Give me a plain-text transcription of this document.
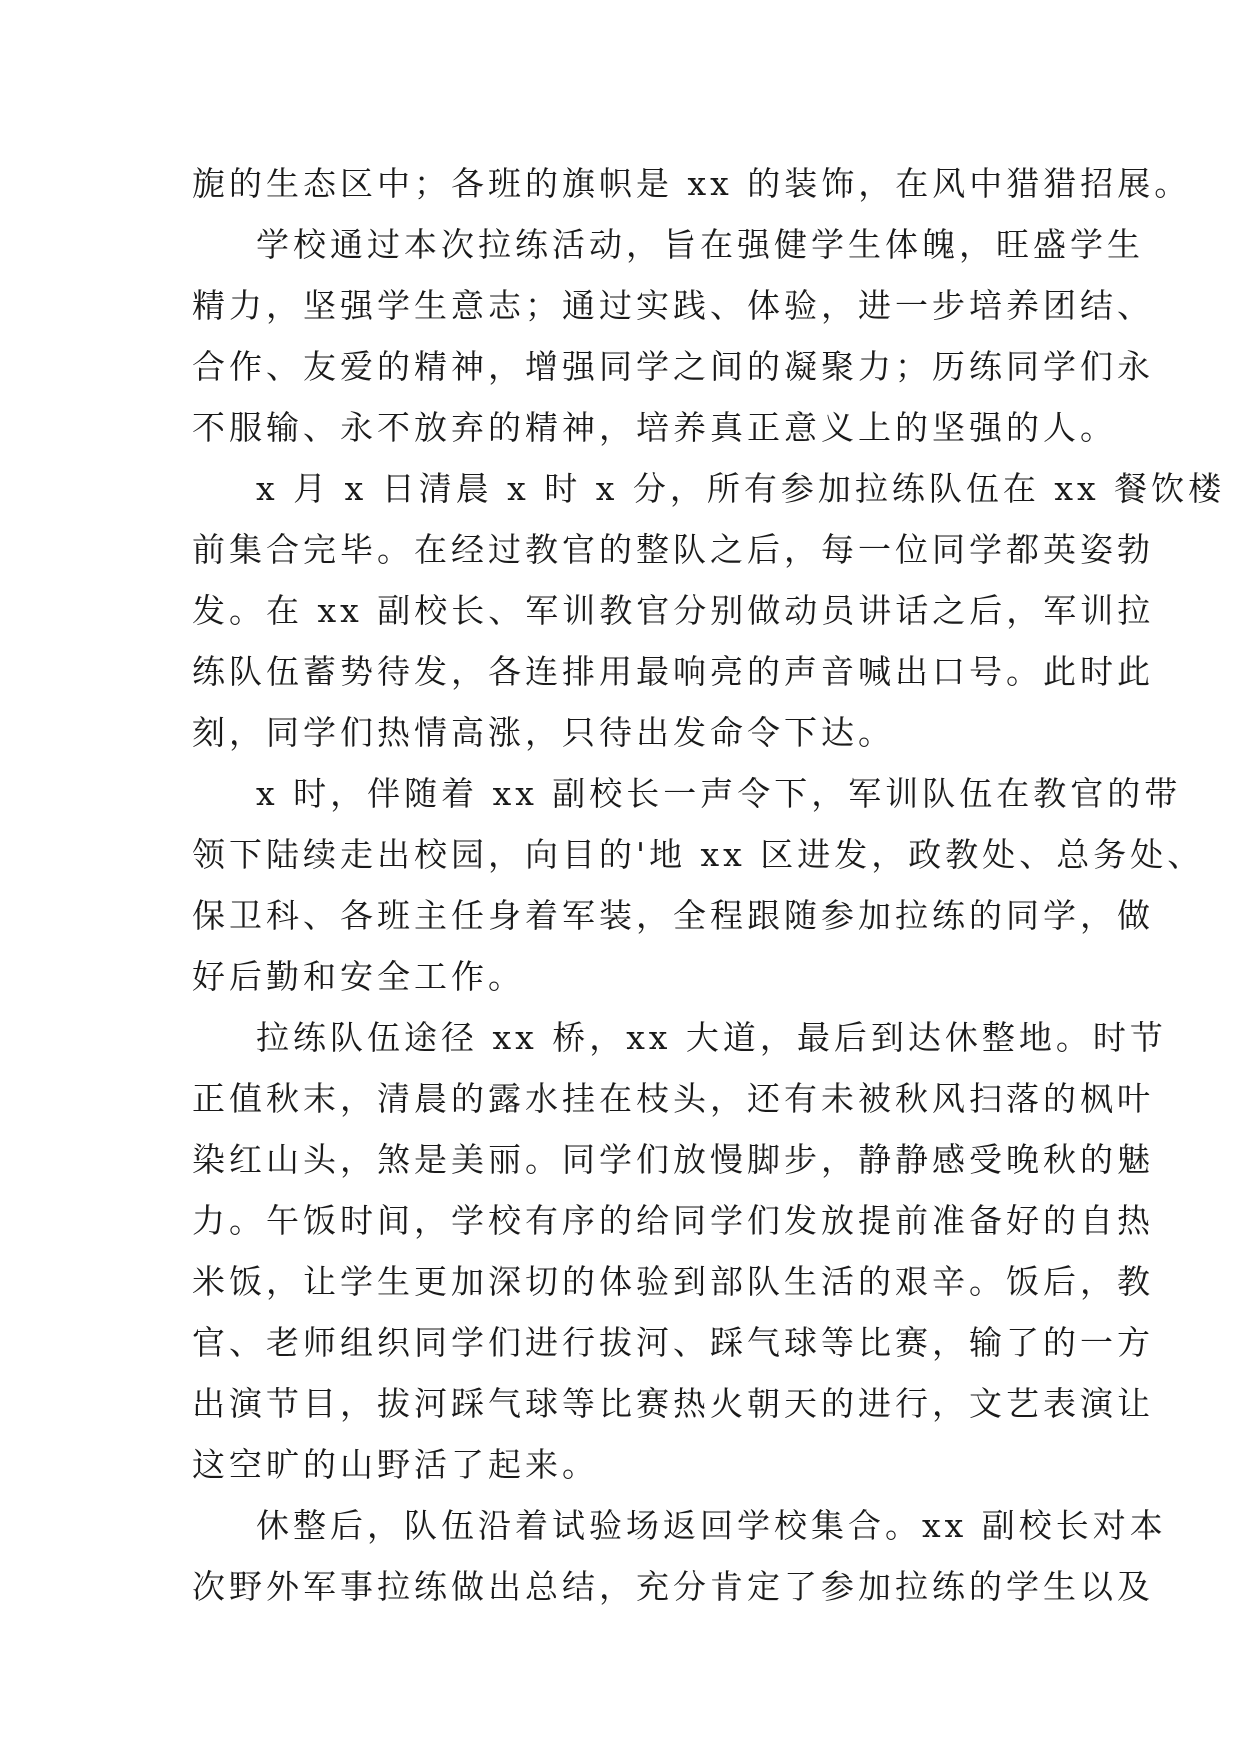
旎的生态区中；各班的旗帜是 xx 的装饰，在风中猎猎招展。
学校通过本次拉练活动，旨在强健学生体魄，旺盛学生
精力，坚强学生意志；通过实践、体验，进一步培养团结、
合作、友爱的精神，增强同学之间的凝聚力；历练同学们永
不服输、永不放弃的精神，培养真正意义上的坚强的人。
x 月 x 日清晨 x 时 x 分，所有参加拉练队伍在 xx 餐饮楼
前集合完毕。在经过教官的整队之后，每一位同学都英姿勃
发。在 xx 副校长、军训教官分别做动员讲话之后，军训拉
练队伍蓄势待发，各连排用最响亮的声音喊出口号。此时此
刻，同学们热情高涨，只待出发命令下达。
x 时，伴随着 xx 副校长一声令下，军训队伍在教官的带
领下陆续走出校园，向目的'地 xx 区进发，政教处、总务处、
保卫科、各班主任身着军装，全程跟随参加拉练的同学，做
好后勤和安全工作。
拉练队伍途径 xx 桥，xx 大道，最后到达休整地。时节
正值秋末，清晨的露水挂在枝头，还有未被秋风扫落的枫叶
染红山头，煞是美丽。同学们放慢脚步，静静感受晚秋的魅
力。午饭时间，学校有序的给同学们发放提前准备好的自热
米饭，让学生更加深切的体验到部队生活的艰辛。饭后，教
官、老师组织同学们进行拔河、踩气球等比赛，输了的一方
出演节目，拔河踩气球等比赛热火朝天的进行，文艺表演让
这空旷的山野活了起来。
休整后，队伍沿着试验场返回学校集合。xx 副校长对本
次野外军事拉练做出总结，充分肯定了参加拉练的学生以及
